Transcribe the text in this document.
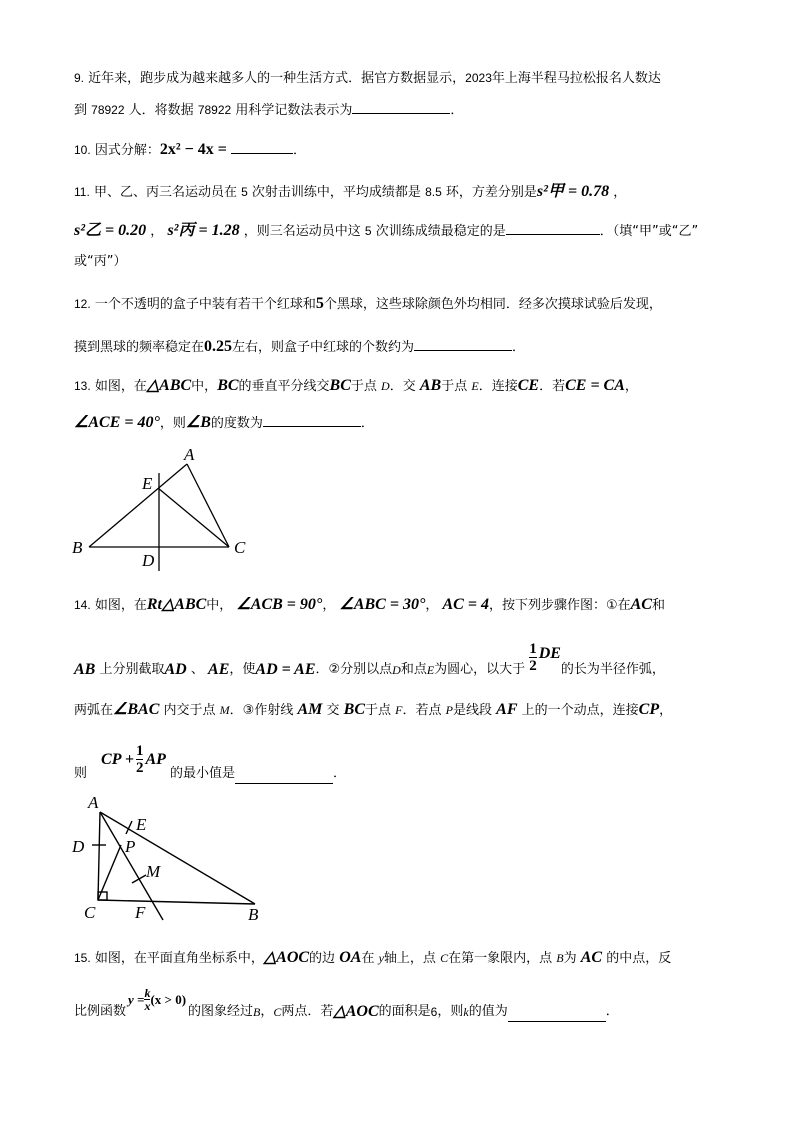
9. 近年来，跑步成为越来越多人的一种生活方式．据官方数据显示，2023年上海半程马拉松报名人数达
到 78922 人．将数据 78922 用科学记数法表示为	．
10. 因式分解：2x² − 4x =	．
11. 甲、乙、丙三名运动员在 5 次射击训练中，平均成绩都是 8.5 环，方差分别是s²甲 = 0.78 ，
s²乙 = 0.20 ， s²丙 = 1.28 ，则三名运动员中这 5 次训练成绩最稳定的是	．（填“甲”或“乙”
或“丙”）
12. 一个不透明的盒子中装有若干个红球和5个黑球，这些球除颜色外均相同．经多次摸球试验后发现，
摸到黑球的频率稳定在0.25左右，则盒子中红球的个数约为	．
13. 如图，在△ABC中，BC的垂直平分线交BC于点 D．交 AB于点 E．连接CE．若CE = CA，
∠ACE = 40°，则∠B的度数为	．
A
E
B	C
D
14. 如图，在Rt△ABC中， ∠ACB = 90°， ∠ABC = 30°， AC = 4，按下列步骤作图：①在AC和
AB
上分别截取 AD
、
AE ，使 AD = AE ．②分别以点 D 和点 E 为圆心，以大于 $\frac{1}{2}$ DE
的长为半径作弧，
两弧在∠BAC 内交于点 M．③作射线 AM 交 BC于点 F．若点 P是线段 AF 上的一个动点，连接CP，
则
CP + $\frac{1}{2}$ AP
的最小值是	．
A
E
D P
M
C F	B
15. 如图，在平面直角坐标系中，△AOC的边 OA在 y轴上，点 C在第一象限内，点 B为 AC 的中点，反
比例函数
$y = \frac{k}{x} (x > 0)$
的图象经过 B ， C 两点．若 △AOC 的面积是 6 ，则 k 的值为	．
